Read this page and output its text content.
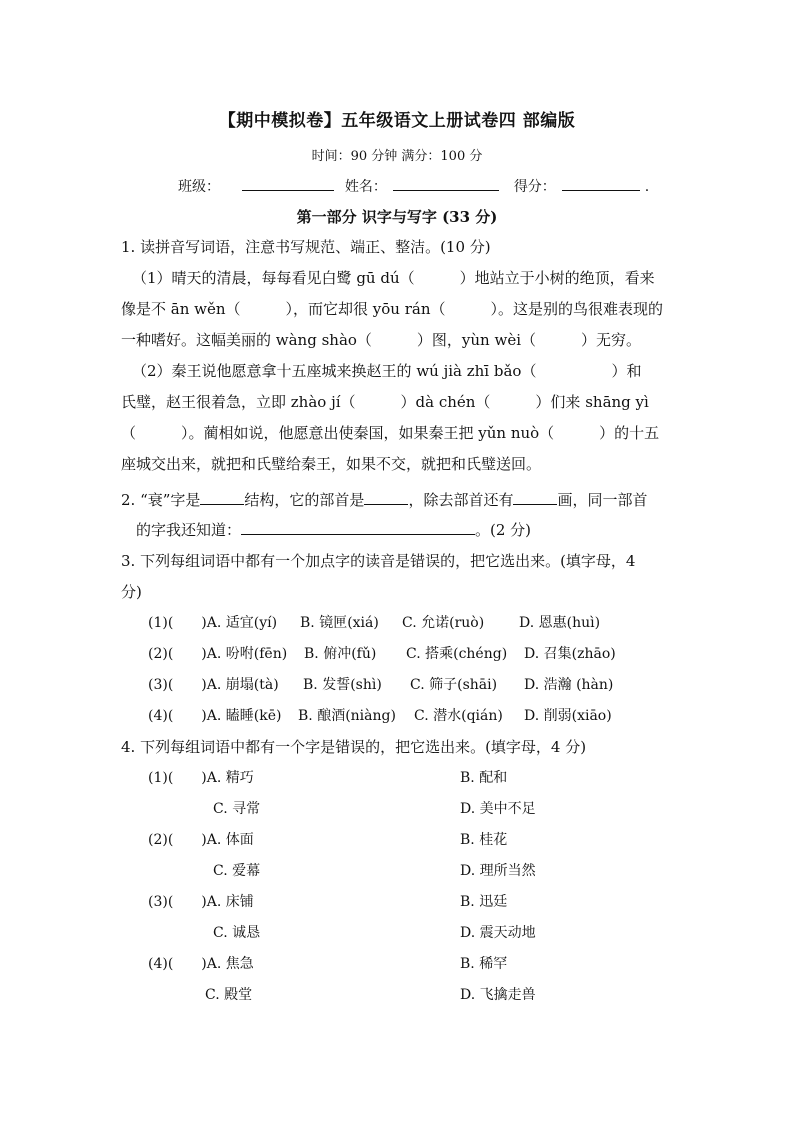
【期中模拟卷】五年级语文上册试卷四 部编版
时间：90 分钟 满分：100 分
班级：	姓名：	得分：	.
第一部分 识字与写字 (33 分)
1. 读拼音写词语，注意书写规范、端正、整洁。(10 分)
（1）晴天的清晨，每每看见白鹭 gū dú（　　　）地站立于小树的绝顶，看来
像是不 ān wěn（　　　），而它却很 yōu rán（　　　）。这是别的鸟很难表现的
一种嗜好。这幅美丽的 wàng shào（　　　）图，yùn wèi（　　　）无穷。
（2）秦王说他愿意拿十五座城来换赵王的 wú jià zhī bǎo（　　　　　）和
氏璧，赵王很着急，立即 zhào jí（　　　）dà chén（　　　）们来 shāng yì
（　　　）。蔺相如说，他愿意出使秦国，如果秦王把 yǔn nuò（　　　）的十五
座城交出来，就把和氏璧给秦王，如果不交，就把和氏璧送回。
2. “衰”字是	结构，它的部首是	，除去部首还有	画，同一部首
的字我还知道：	。(2 分)
3. 下列每组词语中都有一个加点字的读音是错误的，把它选出来。(填字母，4
分)
(1)(　　)A. 适宜(yí) B. 镜匣(xiá) C. 允诺(ruò) D. 恩惠(huì)
(2)(　　)A. 吩咐(fēn) B. 俯冲(fǔ) C. 搭乘(chéng) D. 召集(zhāo)
(3)(　　)A. 崩塌(tà) B. 发誓(shì) C. 筛子(shāi) D. 浩瀚 (hàn)
(4)(　　)A. 瞌睡(kē) B. 酿酒(niàng) C. 潜水(qián) D. 削弱(xiāo)
4. 下列每组词语中都有一个字是错误的，把它选出来。(填字母，4 分)
(1)(　　)A. 精巧	B. 配和
C. 寻常	D. 美中不足
(2)(　　)A. 体面	B. 桂花
C. 爱幕	D. 理所当然
(3)(　　)A. 床铺	B. 迅廷
C. 诚恳	D. 震天动地
(4)(　　)A. 焦急	B. 稀罕
C. 殿堂	D. 飞擒走兽
